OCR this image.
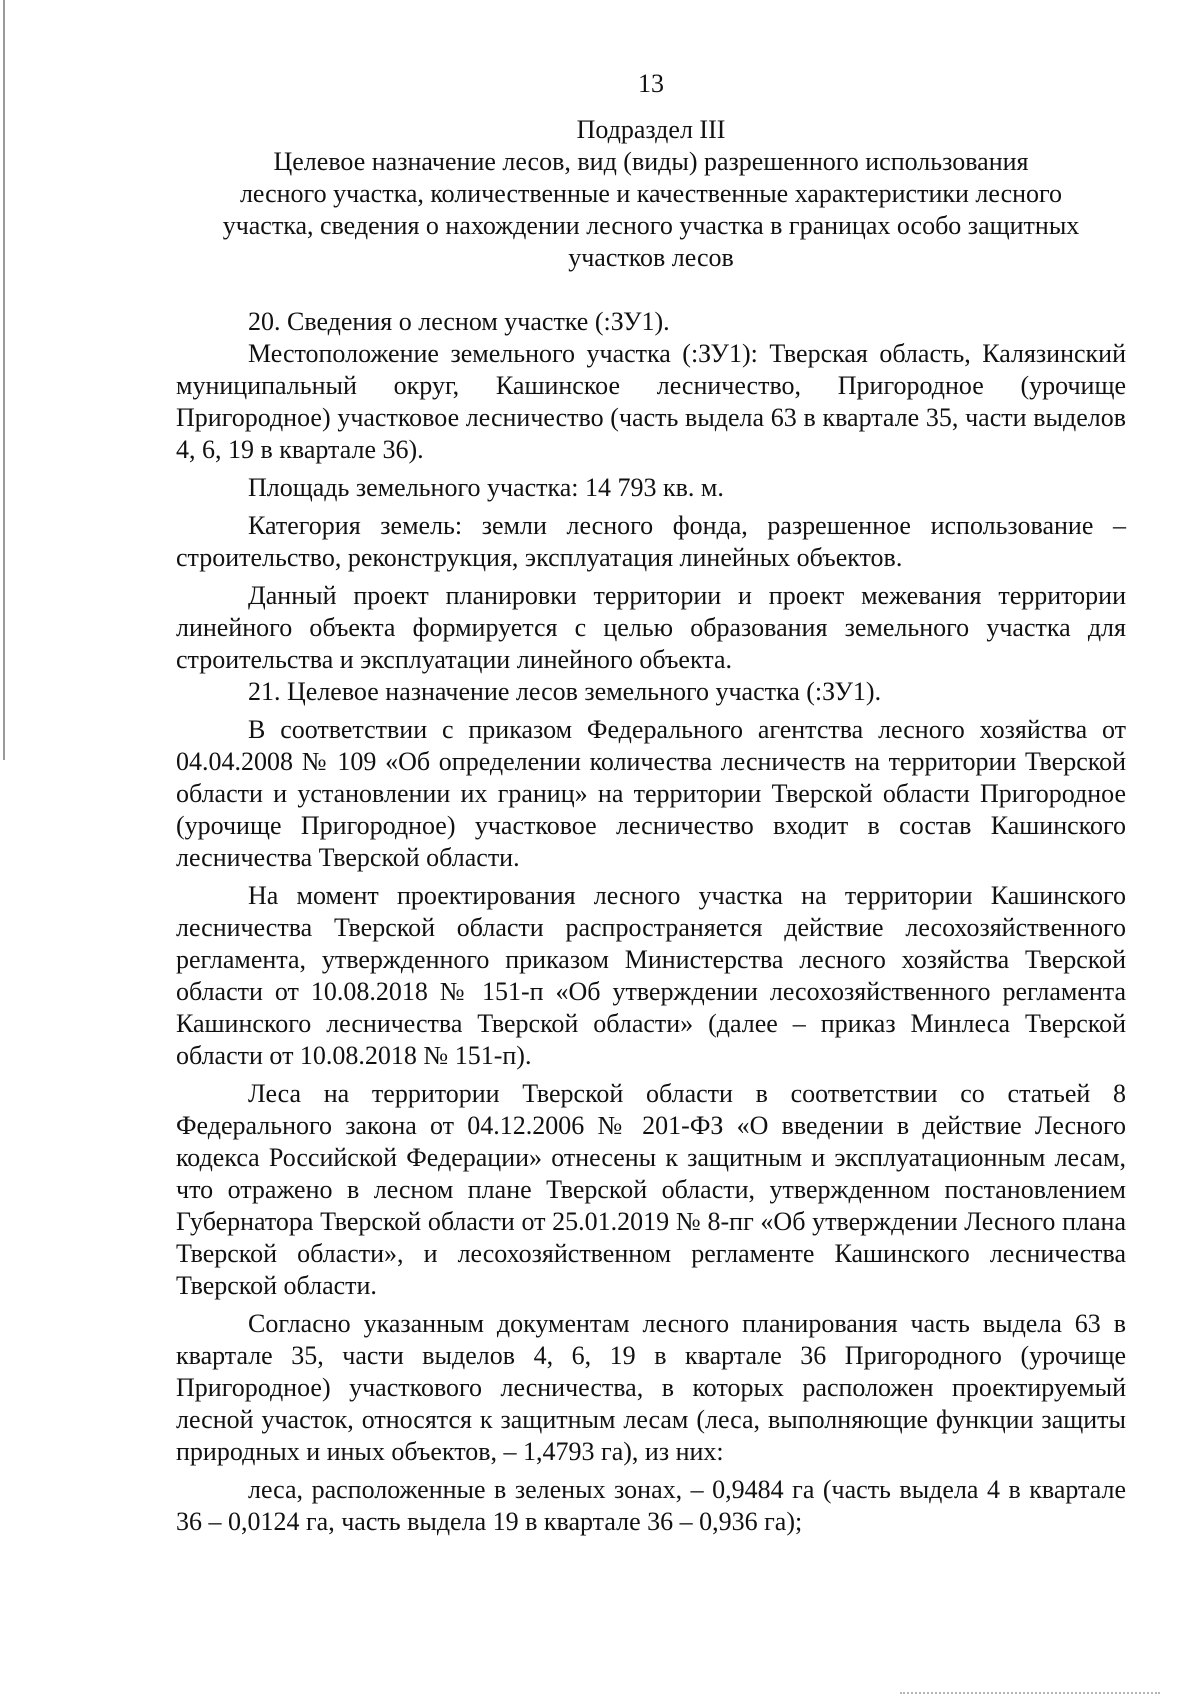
13
Подраздел III
Целевое назначение лесов, вид (виды) разрешенного использования
лесного участка, количественные и качественные характеристики лесного
участка, сведения о нахождении лесного участка в границах особо защитных
участков лесов

20. Сведения о лесном участке (:ЗУ1).

Местоположение земельного участка (:ЗУ1): Тверская область, Калязинский муниципальный округ, Кашинское лесничество, Пригородное (урочище Пригородное) участковое лесничество (часть выдела 63 в квартале 35, части выделов 4, 6, 19 в квартале 36).

Площадь земельного участка: 14 793 кв. м.

Категория земель: земли лесного фонда, разрешенное использование – строительство, реконструкция, эксплуатация линейных объектов.

Данный проект планировки территории и проект межевания территории линейного объекта формируется с целью образования земельного участка для строительства и эксплуатации линейного объекта.

21. Целевое назначение лесов земельного участка (:ЗУ1).

В соответствии с приказом Федерального агентства лесного хозяйства от 04.04.2008 № 109 «Об определении количества лесничеств на территории Тверской области и установлении их границ» на территории Тверской области Пригородное (урочище Пригородное) участковое лесничество входит в состав Кашинского лесничества Тверской области.

На момент проектирования лесного участка на территории Кашинского лесничества Тверской области распространяется действие лесохозяйственного регламента, утвержденного приказом Министерства лесного хозяйства Тверской области от 10.08.2018 № 151-п «Об утверждении лесохозяйственного регламента Кашинского лесничества Тверской области» (далее – приказ Минлеса Тверской области от 10.08.2018 № 151-п).

Леса на территории Тверской области в соответствии со статьей 8 Федерального закона от 04.12.2006 № 201-ФЗ «О введении в действие Лесного кодекса Российской Федерации» отнесены к защитным и эксплуатационным лесам, что отражено в лесном плане Тверской области, утвержденном постановлением Губернатора Тверской области от 25.01.2019 № 8-пг «Об утверждении Лесного плана Тверской области», и лесохозяйственном регламенте Кашинского лесничества Тверской области.

Согласно указанным документам лесного планирования часть выдела 63 в квартале 35, части выделов 4, 6, 19 в квартале 36 Пригородного (урочище Пригородное) участкового лесничества, в которых расположен проектируемый лесной участок, относятся к защитным лесам (леса, выполняющие функции защиты природных и иных объектов, – 1,4793 га), из них:

леса, расположенные в зеленых зонах, – 0,9484 га (часть выдела 4 в квартале 36 – 0,0124 га, часть выдела 19 в квартале 36 – 0,936 га);
